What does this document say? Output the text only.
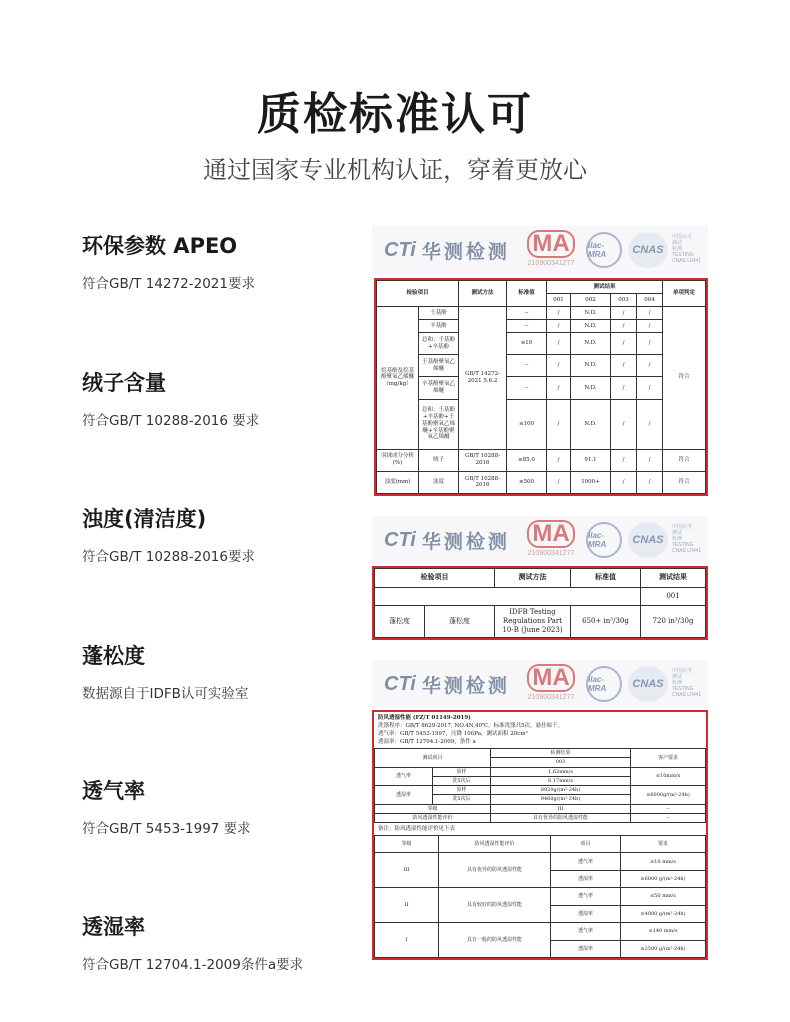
质检标准认可
通过国家专业机构认证，穿着更放心
环保参数 APEO

符合GB/T 14272-2021要求

绒子含量

符合GB/T 10288-2016 要求

浊度(清洁度)

符合GB/T 10288-2016要求

蓬松度

数据源自于IDFB认可实验室

透气率

符合GB/T 5453-1997 要求

透湿率

符合GB/T 12704.1-2009条件a要求

CTi 华测检测 MA
210900341277
ilac-MRA	CNAS
中国认可
测试
检测
TESTING
CNAS L0441
检验项目		测试方法	标准值	测试结果				单项判定
				001	002	003	004	
烷基酚及烷基酚聚氧乙烯醚（mg/kg）	壬基酚	GB/T 14272-2021 5.6.2	--	/	N.D.	/	/	符合
	辛基酚		--	/	N.D.	/	/	
	总和：壬基酚+辛基酚		≤10	/	N.D.	/	/	
	壬基酚聚氧乙烯醚		--	/	N.D.	/	/	
	辛基酚聚氧乙烯醚		--	/	N.D.	/	/	
	总和：壬基酚+辛基酚+壬基酚聚氧乙烯醚+辛基酚聚氧乙烯醚		≤100	/	N.D.	/	/	
羽绒成分分析(%)	绒子	GB/T 10288-2016	≥85.0	/	91.1	/	/	符合
浊度(mm)	浊度	GB/T 10288-2016	≥500	/	1000+	/	/	符合
CTi 华测检测 MA
210900341277
ilac-MRA	CNAS
中国认可
测试
检测
TESTING
CNAS L0441
检验项目		测试方法	标准值	测试结果
				001
蓬松度	蓬松度	IDFB Testing Regulations Part 10-B (June 2023)	650+ in³/30g	720 in³/30g
CTi 华测检测 MA
210900341277
ilac-MRA	CNAS
中国认可
测试
检测
TESTING
CNAS L0441
防风透湿性能 (FZ/T 01149-2019)
洗涤程序：GB/T 8629-2017, NO.4N,40℃，标准洗涤共5次，悬挂晾干。
透气率：GB/T 5453-1997，压降 100Pa，测试面积 20cm²
透湿率：GB/T 12704.1-2009，条件 a
测试项目		检测结果	客户要求
		003	
透气率	原样	1.62mm/s	≤10mm/s
	洗5次后	6.17mm/s	
透湿率	原样	8920g/(m²·24h)	≥6000g/(m²·24h)
	洗5次后	9460g/(m²·24h)	
等级		III	--
防风透湿性能评价		具有优异的防风透湿性能	--
备注：防风透湿性能评价见下表
等级	防风透湿性能评价	项目	要求
III	具有优异的防风透湿性能	透气率	≤10 mm/s
		透湿率	≥6000 g/(m²·24h)
II	具有较好的防风透湿性能	透气率	≤50 mm/s
		透湿率	≥4000 g/(m²·24h)
I	具有一般的防风透湿性能	透气率	≤140 mm/s
		透湿率	≥2500 g/(m²·24h)
